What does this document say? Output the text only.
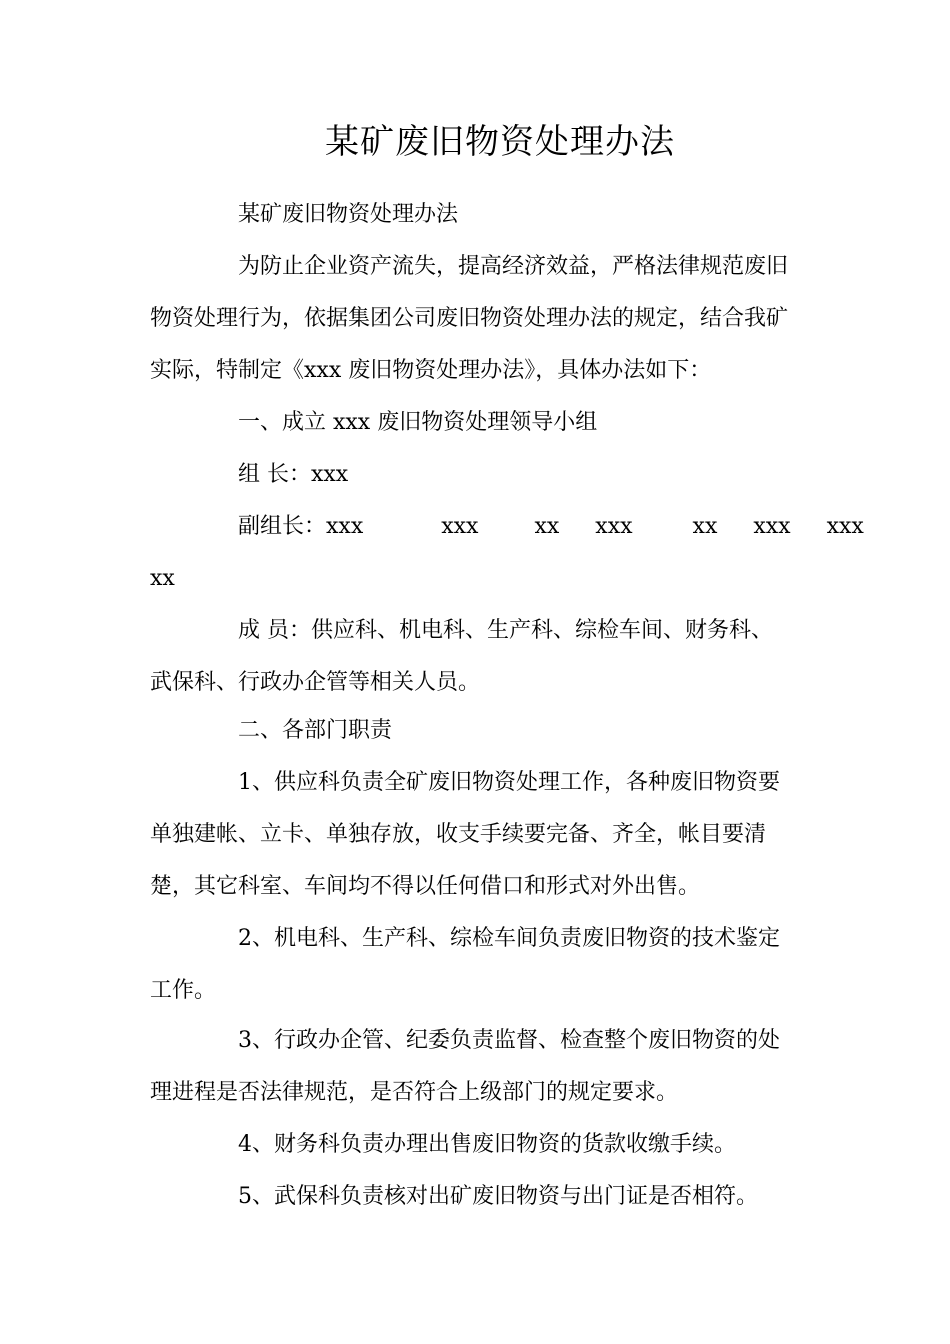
某矿废旧物资处理办法

某矿废旧物资处理办法

为防止企业资产流失，提高经济效益，严格法律规范废旧

物资处理行为，依据集团公司废旧物资处理办法的规定，结合我矿

实际，特制定《xxx 废旧物资处理办法》，具体办法如下：

一、成立 xxx 废旧物资处理领导小组

组 长：xxx

副组长：xxx	xxx	xx xxx	xx xxx xxx

xx

成 员：供应科、机电科、生产科、综检车间、财务科、

武保科、行政办企管等相关人员。

二、各部门职责

1、供应科负责全矿废旧物资处理工作，各种废旧物资要

单独建帐、立卡、单独存放，收支手续要完备、齐全，帐目要清

楚，其它科室、车间均不得以任何借口和形式对外出售。

2、机电科、生产科、综检车间负责废旧物资的技术鉴定

工作。

3、行政办企管、纪委负责监督、检查整个废旧物资的处

理进程是否法律规范，是否符合上级部门的规定要求。

4、财务科负责办理出售废旧物资的货款收缴手续。

5、武保科负责核对出矿废旧物资与出门证是否相符。
